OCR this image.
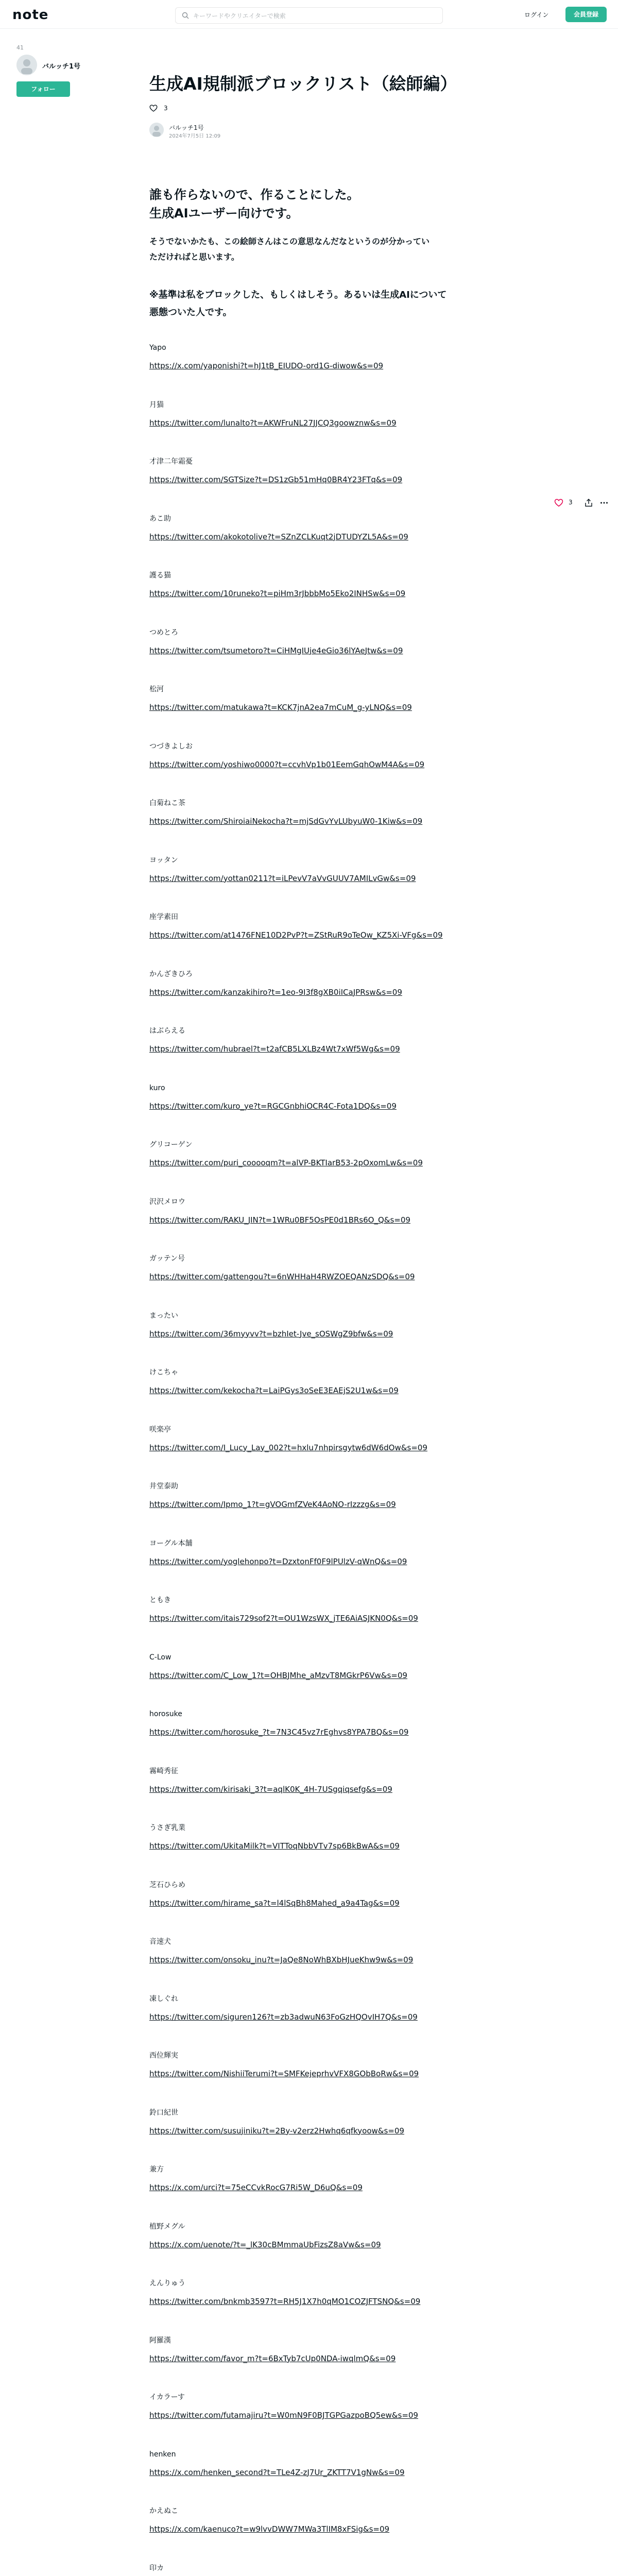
note
キーワードやクリエイターで検索	ログイン	会員登録
41
バルッチ1号
フォロー
3
生成AI規制派ブロックリスト（絵師編）
3
バルッチ1号
2024年7月5日 12:09
誰も作らないので、作ることにした。
生成AIユーザー向けです。

そうでないかたも、この絵師さんはこの意思なんだなというのが分かってい
ただければと思います。

※基準は私をブロックした、もしくはしそう。あるいは生成AIについて
悪態ついた人です。

Yapo
https://x.com/yaponishi?t=hJ1tB_EIUDO-ord1G-diwow&s=09
月猫
https://twitter.com/lunalto?t=AKWFruNL27JJCQ3goowznw&s=09
才津二年霜憂
https://twitter.com/SGTSize?t=DS1zGb51mHq0BR4Y23FTq&s=09
あこ助
https://twitter.com/akokotolive?t=SZnZCLKuqt2jDTUDYZL5A&s=09
護る猫
https://twitter.com/10runeko?t=piHm3rJbbbMo5Eko2INHSw&s=09
つめとろ
https://twitter.com/tsumetoro?t=CiHMgIUje4eGio36lYAeJtw&s=09
松河
https://twitter.com/matukawa?t=KCK7jnA2ea7mCuM_g-yLNQ&s=09
つづきよしお
https://twitter.com/yoshiwo0000?t=ccvhVp1b01EemGqhOwM4A&s=09
白菊ねこ茶
https://twitter.com/ShiroiaiNekocha?t=mjSdGvYvLUbyuW0-1Kiw&s=09
ヨッタン
https://twitter.com/yottan0211?t=iLPevV7aVvGUUV7AMILvGw&s=09
座学素田
https://twitter.com/at1476FNE10D2PvP?t=ZStRuR9oTeOw_KZ5Xi-VFg&s=09
かんざきひろ
https://twitter.com/kanzakihiro?t=1eo-9I3f8gXB0iICaJPRsw&s=09
はぶらえる
https://twitter.com/hubrael?t=t2afCB5LXLBz4Wt7xWf5Wg&s=09
kuro
https://twitter.com/kuro_ye?t=RGCGnbhiOCR4C-Fota1DQ&s=09
グリコーゲン
https://twitter.com/puri_cooooqm?t=alVP-BKTIarB53-2pOxomLw&s=09
沢沢メロウ
https://twitter.com/RAKU_JIN?t=1WRu0BF5OsPE0d1BRs6O_Q&s=09
ガッテン号
https://twitter.com/gattengou?t=6nWHHaH4RWZOEQANzSDQ&s=09
まったい
https://twitter.com/36myyvv?t=bzhIet-Jve_sOSWgZ9bfw&s=09
けこちゃ
https://twitter.com/kekocha?t=LaiPGys3oSeE3EAEjS2U1w&s=09
咲楽亭
https://twitter.com/I_Lucy_Lay_002?t=hxlu7nhpirsgytw6dW6dOw&s=09
井堂泰助
https://twitter.com/Ipmo_1?t=gVOGmfZVeK4AoNO-rIzzzg&s=09
ヨーグル本舗
https://twitter.com/yoglehonpo?t=DzxtonFf0F9lPUlzV-qWnQ&s=09
ともき
https://twitter.com/itais729sof2?t=OU1WzsWX_jTE6AiASJKN0Q&s=09
C-Low
https://twitter.com/C_Low_1?t=OHBJMhe_aMzvT8MGkrP6Vw&s=09
horosuke
https://twitter.com/horosuke_?t=7N3C45vz7rEghvs8YPA7BQ&s=09
霧崎秀征
https://twitter.com/kirisaki_3?t=aqlK0K_4H-7USgqiqsefg&s=09
うさぎ乳業
https://twitter.com/UkitaMilk?t=VITToqNbbVTv7sp6BkBwA&s=09
芝石ひらめ
https://twitter.com/hirame_sa?t=l4lSqBh8Mahed_a9a4Tag&s=09
音速犬
https://twitter.com/onsoku_inu?t=JaQe8NoWhBXbHJueKhw9w&s=09
凍しぐれ
https://twitter.com/siguren126?t=zb3adwuN63FoGzHQOvIH7Q&s=09
西位輝実
https://twitter.com/NishiiTerumi?t=SMFKejeprhvVFX8GObBoRw&s=09
鈴口紀世
https://twitter.com/susujiniku?t=2By-v2erz2Hwhq6qfkyoow&s=09
兼方
https://x.com/urci?t=75eCCvkRocG7Ri5W_D6uQ&s=09
植野メグル
https://x.com/uenote/?t=_lK30cBMmmaUbFizsZ8aVw&s=09
えんりゅう
https://twitter.com/bnkmb3597?t=RH5J1X7h0qMO1COZJFTSNQ&s=09
阿羅漢
https://twitter.com/favor_m?t=6BxTyb7cUp0NDA-iwqlmQ&s=09
イカラーす
https://twitter.com/futamajiru?t=W0mN9F0BJTGPGazpoBQ5ew&s=09
henken
https://x.com/henken_second?t=TLe4Z-zJ7Ur_ZKTT7V1gNw&s=09
かえぬこ
https://x.com/kaenuco?t=w9lvvDWW7MWa3TlIM8xFSig&s=09
印カ
